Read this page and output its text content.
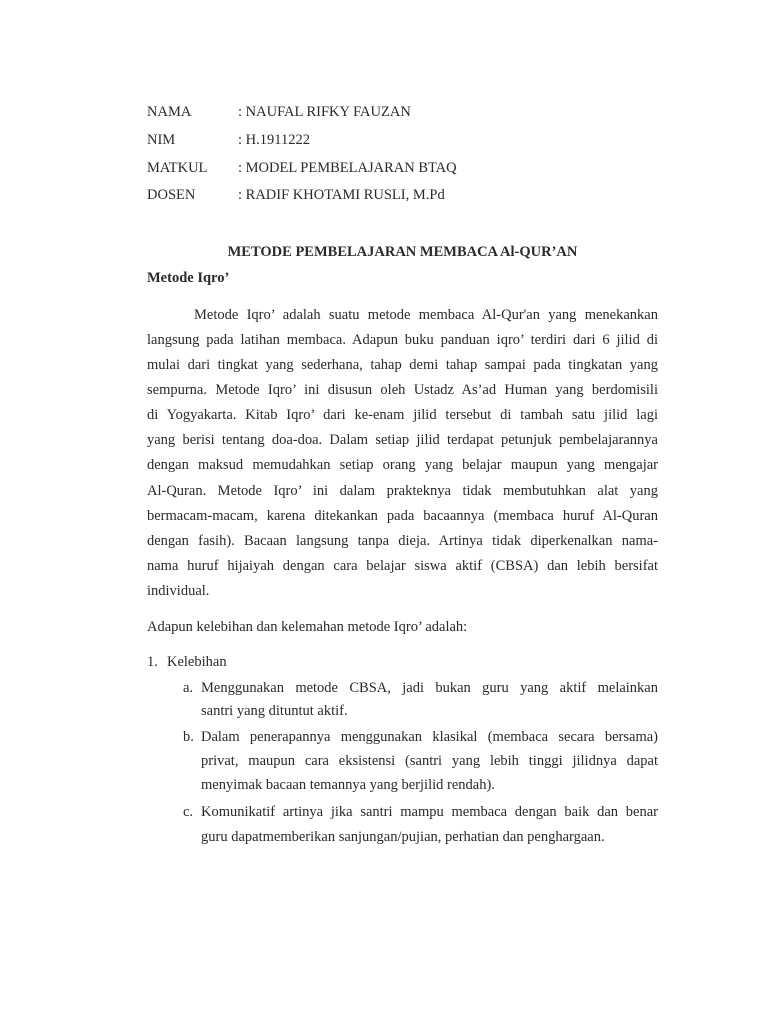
NAMA	: NAUFAL RIFKY FAUZAN
NIM	: H.1911222
MATKUL : MODEL PEMBELAJARAN BTAQ
DOSEN	: RADIF KHOTAMI RUSLI, M.Pd
METODE PEMBELAJARAN MEMBACA Al-QUR’AN
Metode Iqro’
Metode Iqro’ adalah suatu metode membaca Al-Qur'an yang menekankan
langsung pada latihan membaca. Adapun buku panduan iqro’ terdiri dari 6 jilid di
mulai dari tingkat yang sederhana, tahap demi tahap sampai pada tingkatan yang
sempurna. Metode Iqro’ ini disusun oleh Ustadz As’ad Human yang berdomisili
di Yogyakarta. Kitab Iqro’ dari ke-enam jilid tersebut di tambah satu jilid lagi
yang berisi tentang doa-doa. Dalam setiap jilid terdapat petunjuk pembelajarannya
dengan maksud memudahkan setiap orang yang belajar maupun yang mengajar
Al-Quran. Metode Iqro’ ini dalam prakteknya tidak membutuhkan alat yang
bermacam-macam, karena ditekankan pada bacaannya (membaca huruf Al-Quran
dengan fasih). Bacaan langsung tanpa dieja. Artinya tidak diperkenalkan nama-
nama huruf hijaiyah dengan cara belajar siswa aktif (CBSA) dan lebih bersifat
individual.
Adapun kelebihan dan kelemahan metode Iqro’ adalah:
1. Kelebihan
a. Menggunakan metode CBSA, jadi bukan guru yang aktif melainkan
santri yang dituntut aktif.
b. Dalam penerapannya menggunakan klasikal (membaca secara bersama)
privat, maupun cara eksistensi (santri yang lebih tinggi jilidnya dapat
menyimak bacaan temannya yang berjilid rendah).
c. Komunikatif artinya jika santri mampu membaca dengan baik dan benar
guru dapatmemberikan sanjungan/pujian, perhatian dan penghargaan.
